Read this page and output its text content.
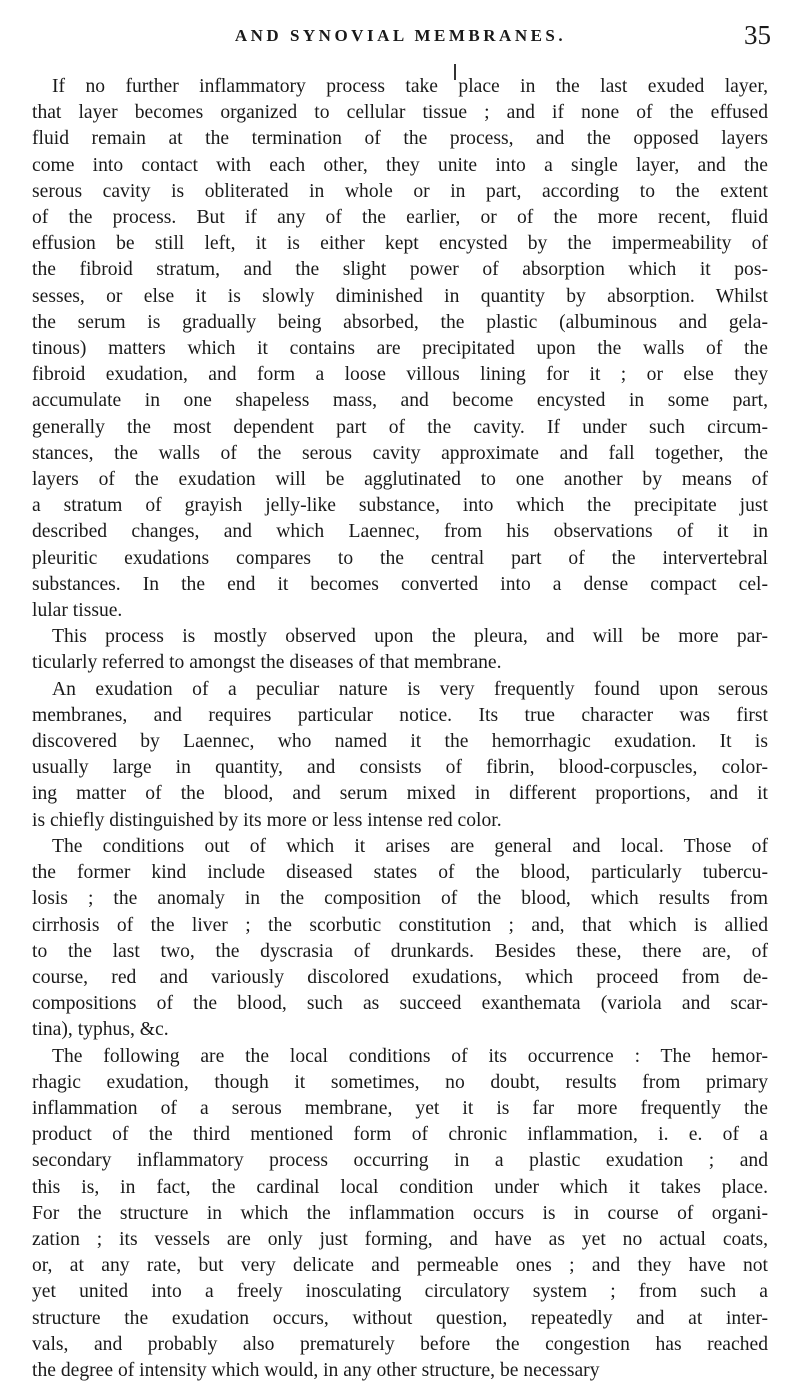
AND SYNOVIAL MEMBRANES.	35

If no further inflammatory process take place in the last exuded layer,
that layer becomes organized to cellular tissue ; and if none of the effused
fluid remain at the termination of the process, and the opposed layers
come into contact with each other, they unite into a single layer, and the
serous cavity is obliterated in whole or in part, according to the extent
of the process. But if any of the earlier, or of the more recent, fluid
effusion be still left, it is either kept encysted by the impermeability of
the fibroid stratum, and the slight power of absorption which it pos-
sesses, or else it is slowly diminished in quantity by absorption. Whilst
the serum is gradually being absorbed, the plastic (albuminous and gela-
tinous) matters which it contains are precipitated upon the walls of the
fibroid exudation, and form a loose villous lining for it ; or else they
accumulate in one shapeless mass, and become encysted in some part,
generally the most dependent part of the cavity. If under such circum-
stances, the walls of the serous cavity approximate and fall together, the
layers of the exudation will be agglutinated to one another by means of
a stratum of grayish jelly-like substance, into which the precipitate just
described changes, and which Laennec, from his observations of it in
pleuritic exudations compares to the central part of the intervertebral
substances. In the end it becomes converted into a dense compact cel-
lular tissue.

This process is mostly observed upon the pleura, and will be more par-
ticularly referred to amongst the diseases of that membrane.

An exudation of a peculiar nature is very frequently found upon serous
membranes, and requires particular notice. Its true character was first
discovered by Laennec, who named it the hemorrhagic exudation. It is
usually large in quantity, and consists of fibrin, blood-corpuscles, color-
ing matter of the blood, and serum mixed in different proportions, and it
is chiefly distinguished by its more or less intense red color.

The conditions out of which it arises are general and local. Those of
the former kind include diseased states of the blood, particularly tubercu-
losis ; the anomaly in the composition of the blood, which results from
cirrhosis of the liver ; the scorbutic constitution ; and, that which is allied
to the last two, the dyscrasia of drunkards. Besides these, there are, of
course, red and variously discolored exudations, which proceed from de-
compositions of the blood, such as succeed exanthemata (variola and scar-
tina), typhus, &c.

The following are the local conditions of its occurrence : The hemor-
rhagic exudation, though it sometimes, no doubt, results from primary
inflammation of a serous membrane, yet it is far more frequently the
product of the third mentioned form of chronic inflammation, i. e. of a
secondary inflammatory process occurring in a plastic exudation ; and
this is, in fact, the cardinal local condition under which it takes place.
For the structure in which the inflammation occurs is in course of organi-
zation ; its vessels are only just forming, and have as yet no actual coats,
or, at any rate, but very delicate and permeable ones ; and they have not
yet united into a freely inosculating circulatory system ; from such a
structure the exudation occurs, without question, repeatedly and at inter-
vals, and probably also prematurely before the congestion has reached
the degree of intensity which would, in any other structure, be necessary
